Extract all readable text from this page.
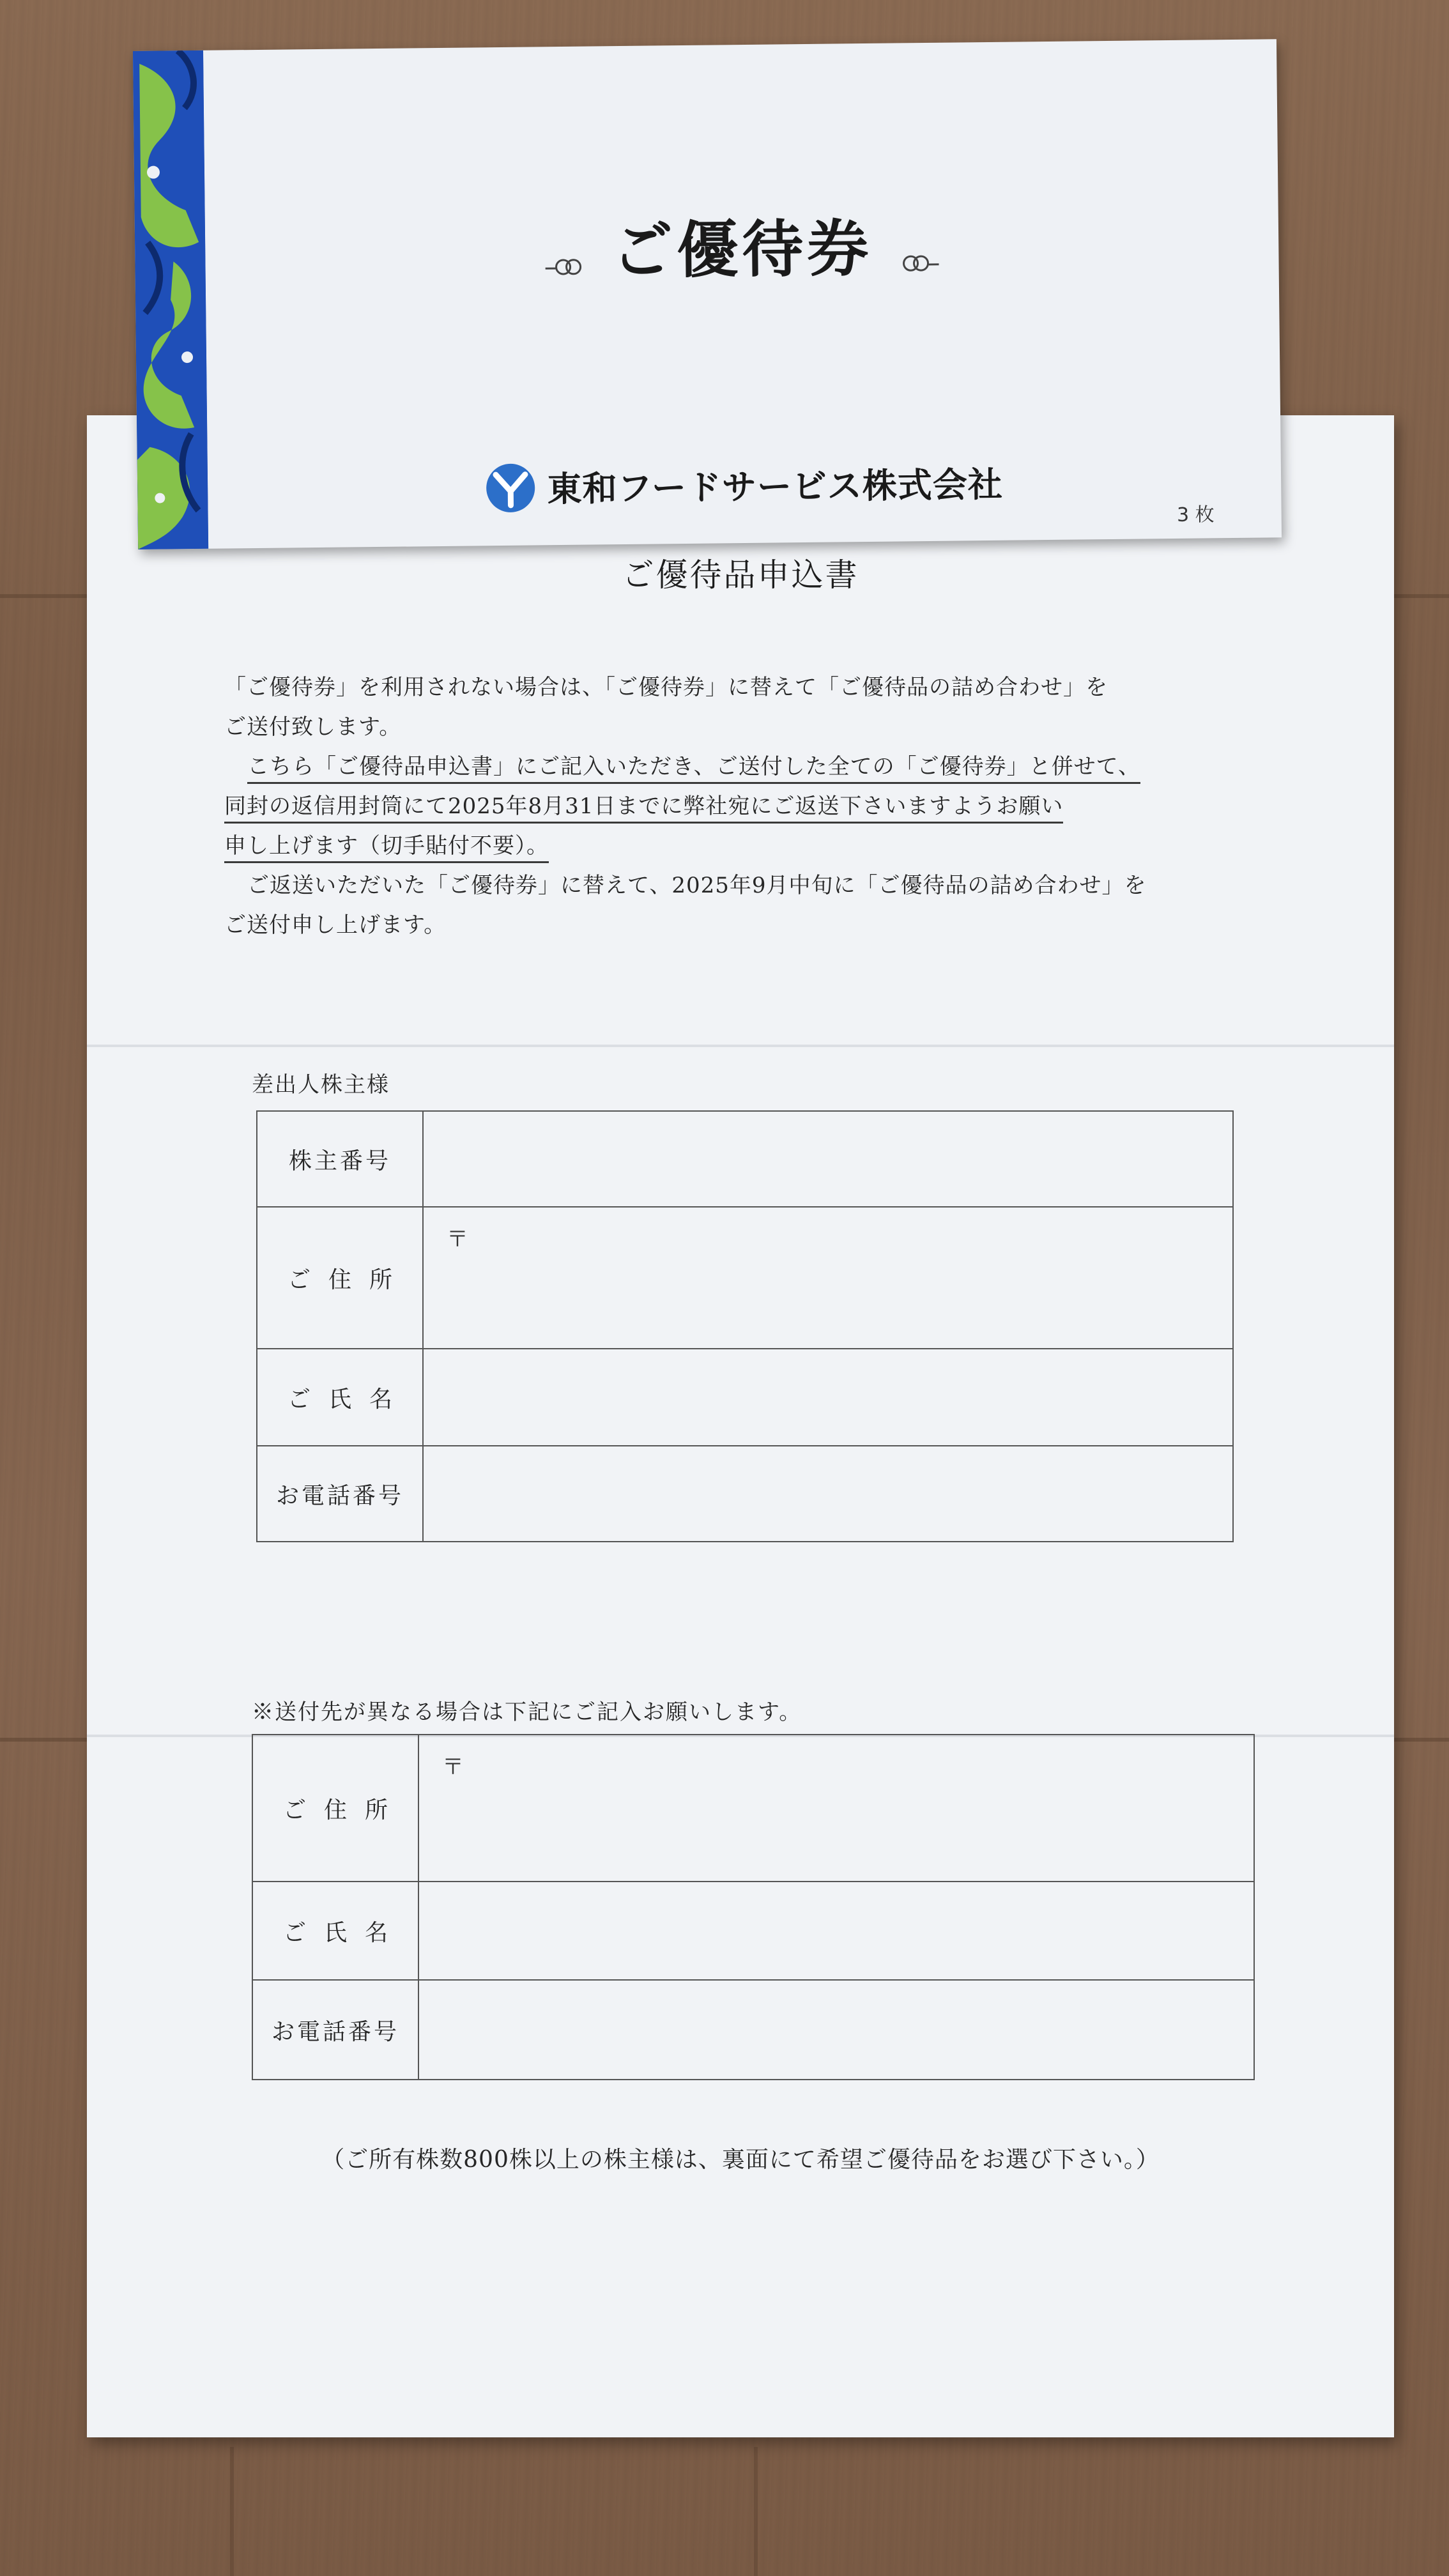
ご優待品申込書

「ご優待券」を利用されない場合は、「ご優待券」に替えて「ご優待品の詰め合わせ」を

ご送付致します。

こちら「ご優待品申込書」にご記入いただき、ご送付した全ての「ご優待券」と併せて、

同封の返信用封筒にて2025年8月31日までに弊社宛にご返送下さいますようお願い

申し上げます（切手貼付不要）。

ご返送いただいた「ご優待券」に替えて、2025年9月中旬に「ご優待品の詰め合わせ」を

ご送付申し上げます。

差出人株主様
株主番号	
ご住所	〒

ご氏名	
お電話番号	
※送付先が異なる場合は下記にご記入お願いします。
ご住所	〒

ご氏名	
お電話番号	
（ご所有株数800株以上の株主様は、裏面にて希望ご優待品をお選び下さい。）
ご優待券
東和フードサービス株式会社
3 枚
